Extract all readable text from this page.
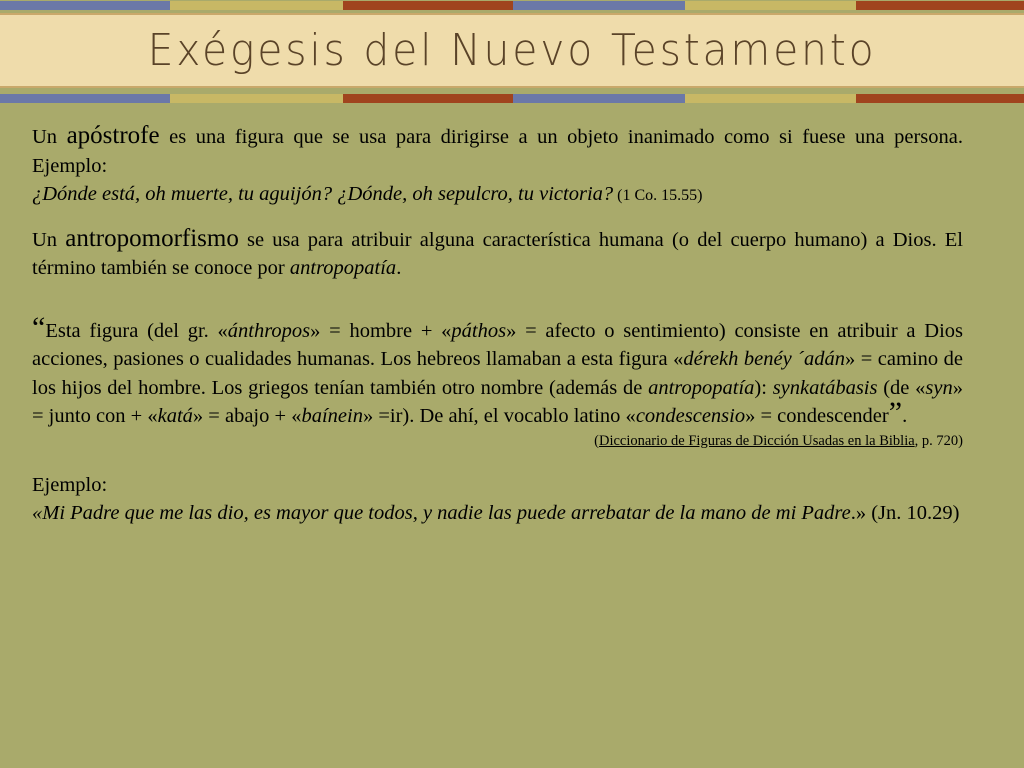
Exégesis del Nuevo Testamento

Un apóstrofe es una figura que se usa para dirigirse a un objeto inanimado como si fuese una persona. Ejemplo:

¿Dónde está, oh muerte, tu aguijón? ¿Dónde, oh sepulcro, tu victoria? (1 Co. 15.55)

Un antropomorfismo se usa para atribuir alguna característica humana (o del cuerpo humano) a Dios. El término también se conoce por antropopatía.

“Esta figura (del gr. «ánthropos» = hombre + «páthos» = afecto o sentimiento) consiste en atribuir a Dios acciones, pasiones o cualidades humanas. Los hebreos llamaban a esta figura «dérekh benéy ´adán» = camino de los hijos del hombre. Los griegos tenían también otro nombre (además de antropopatía): synkatábasis (de «syn» = junto con + «katá» = abajo + «baínein» =ir). De ahí, el vocablo latino «condescensio» = condescender”.

(Diccionario de Figuras de Dicción Usadas en la Biblia, p. 720)

Ejemplo:

«Mi Padre que me las dio, es mayor que todos, y nadie las puede arrebatar de la mano de mi Padre.» (Jn. 10.29)
